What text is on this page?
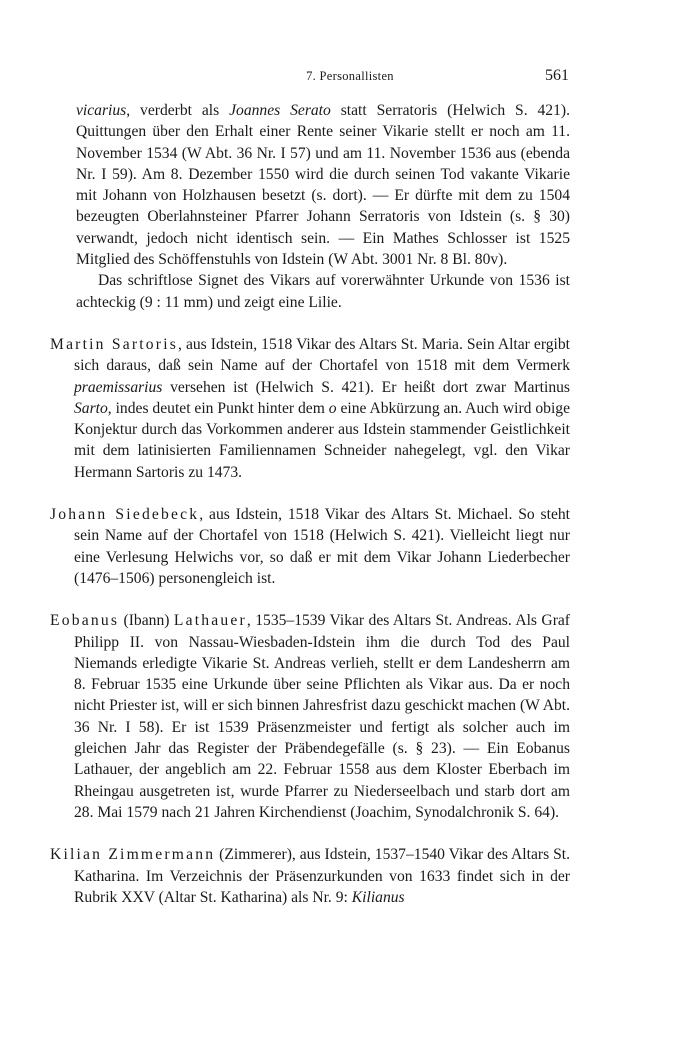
7. Personallisten	561

vicarius, verderbt als Joannes Serato statt Serratoris (Helwich S. 421). Quittungen über den Erhalt einer Rente seiner Vikarie stellt er noch am 11. November 1534 (W Abt. 36 Nr. I 57) und am 11. November 1536 aus (ebenda Nr. I 59). Am 8. Dezember 1550 wird die durch seinen Tod vakante Vikarie mit Johann von Holzhausen besetzt (s. dort). — Er dürfte mit dem zu 1504 bezeugten Oberlahnsteiner Pfarrer Johann Serratoris von Idstein (s. § 30) verwandt, jedoch nicht identisch sein. — Ein Mathes Schlosser ist 1525 Mitglied des Schöffenstuhls von Idstein (W Abt. 3001 Nr. 8 Bl. 80v).

Das schriftlose Signet des Vikars auf vorerwähnter Urkunde von 1536 ist achteckig (9 : 11 mm) und zeigt eine Lilie.

Martin Sartoris, aus Idstein, 1518 Vikar des Altars St. Maria. Sein Altar ergibt sich daraus, daß sein Name auf der Chortafel von 1518 mit dem Vermerk praemissarius versehen ist (Helwich S. 421). Er heißt dort zwar Martinus Sarto, indes deutet ein Punkt hinter dem o eine Abkürzung an. Auch wird obige Konjektur durch das Vorkommen anderer aus Idstein stammender Geistlichkeit mit dem latinisierten Familiennamen Schneider nahegelegt, vgl. den Vikar Hermann Sartoris zu 1473.

Johann Siedebeck, aus Idstein, 1518 Vikar des Altars St. Michael. So steht sein Name auf der Chortafel von 1518 (Helwich S. 421). Vielleicht liegt nur eine Verlesung Helwichs vor, so daß er mit dem Vikar Johann Liederbecher (1476–1506) personengleich ist.

Eobanus (Ibann) Lathauer, 1535–1539 Vikar des Altars St. Andreas. Als Graf Philipp II. von Nassau-Wiesbaden-Idstein ihm die durch Tod des Paul Niemands erledigte Vikarie St. Andreas verlieh, stellt er dem Landesherrn am 8. Februar 1535 eine Urkunde über seine Pflichten als Vikar aus. Da er noch nicht Priester ist, will er sich binnen Jahresfrist dazu geschickt machen (W Abt. 36 Nr. I 58). Er ist 1539 Präsenzmeister und fertigt als solcher auch im gleichen Jahr das Register der Präbendegefälle (s. § 23). — Ein Eobanus Lathauer, der angeblich am 22. Februar 1558 aus dem Kloster Eberbach im Rheingau ausgetreten ist, wurde Pfarrer zu Niederseelbach und starb dort am 28. Mai 1579 nach 21 Jahren Kirchendienst (Joachim, Synodalchronik S. 64).

Kilian Zimmermann (Zimmerer), aus Idstein, 1537–1540 Vikar des Altars St. Katharina. Im Verzeichnis der Präsenzurkunden von 1633 findet sich in der Rubrik XXV (Altar St. Katharina) als Nr. 9: Kilianus
